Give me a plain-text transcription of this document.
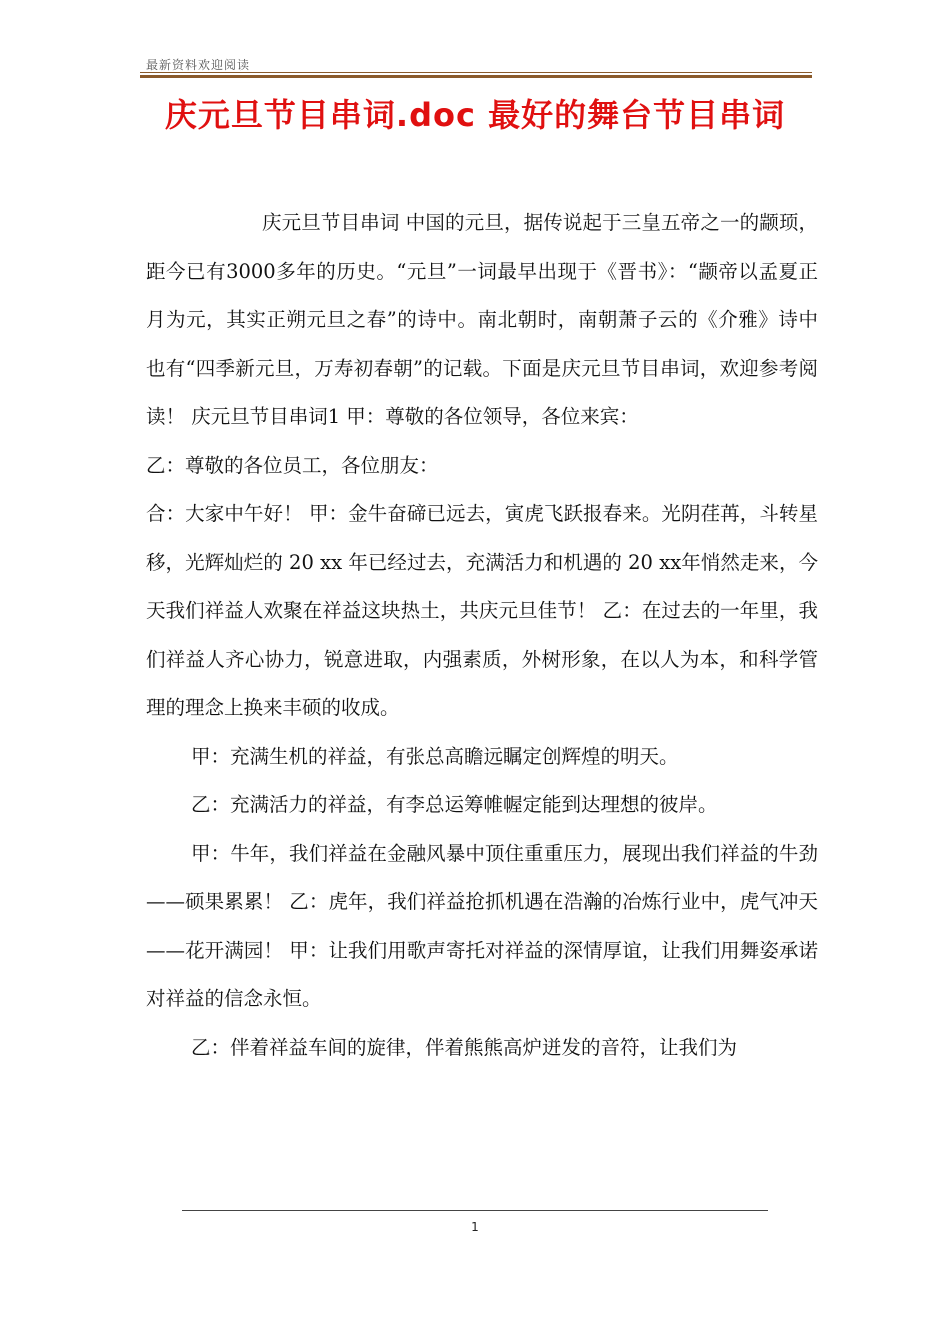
最新资料欢迎阅读
庆元旦节目串词.doc 最好的舞台节目串词

庆元旦节目串词 中国的元旦，据传说起于三皇五帝之一的颛顼，距今已有3000多年的历史。“元旦”一词最早出现于《晋书》：“颛帝以孟夏正月为元，其实正朔元旦之春”的诗中。南北朝时，南朝萧子云的《介雅》诗中也有“四季新元旦，万寿初春朝”的记载。下面是庆元旦节目串词，欢迎参考阅读！ 庆元旦节目串词1 甲：尊敬的各位领导，各位来宾：

乙：尊敬的各位员工，各位朋友：

合：大家中午好！ 甲：金牛奋碲已远去，寅虎飞跃报春来。光阴荏苒，斗转星移，光辉灿烂的 20 xx 年已经过去，充满活力和机遇的 20 xx年悄然走来，今天我们祥益人欢聚在祥益这块热土，共庆元旦佳节！ 乙：在过去的一年里，我们祥益人齐心协力，锐意进取，内强素质，外树形象，在以人为本，和科学管理的理念上换来丰硕的收成。

甲：充满生机的祥益，有张总高瞻远瞩定创辉煌的明天。

乙：充满活力的祥益，有李总运筹帷幄定能到达理想的彼岸。

甲：牛年，我们祥益在金融风暴中顶住重重压力，展现出我们祥益的牛劲——硕果累累！ 乙：虎年，我们祥益抢抓机遇在浩瀚的冶炼行业中，虎气冲天——花开满园！ 甲：让我们用歌声寄托对祥益的深情厚谊，让我们用舞姿承诺对祥益的信念永恒。

乙：伴着祥益车间的旋律，伴着熊熊高炉迸发的音符，让我们为

1
